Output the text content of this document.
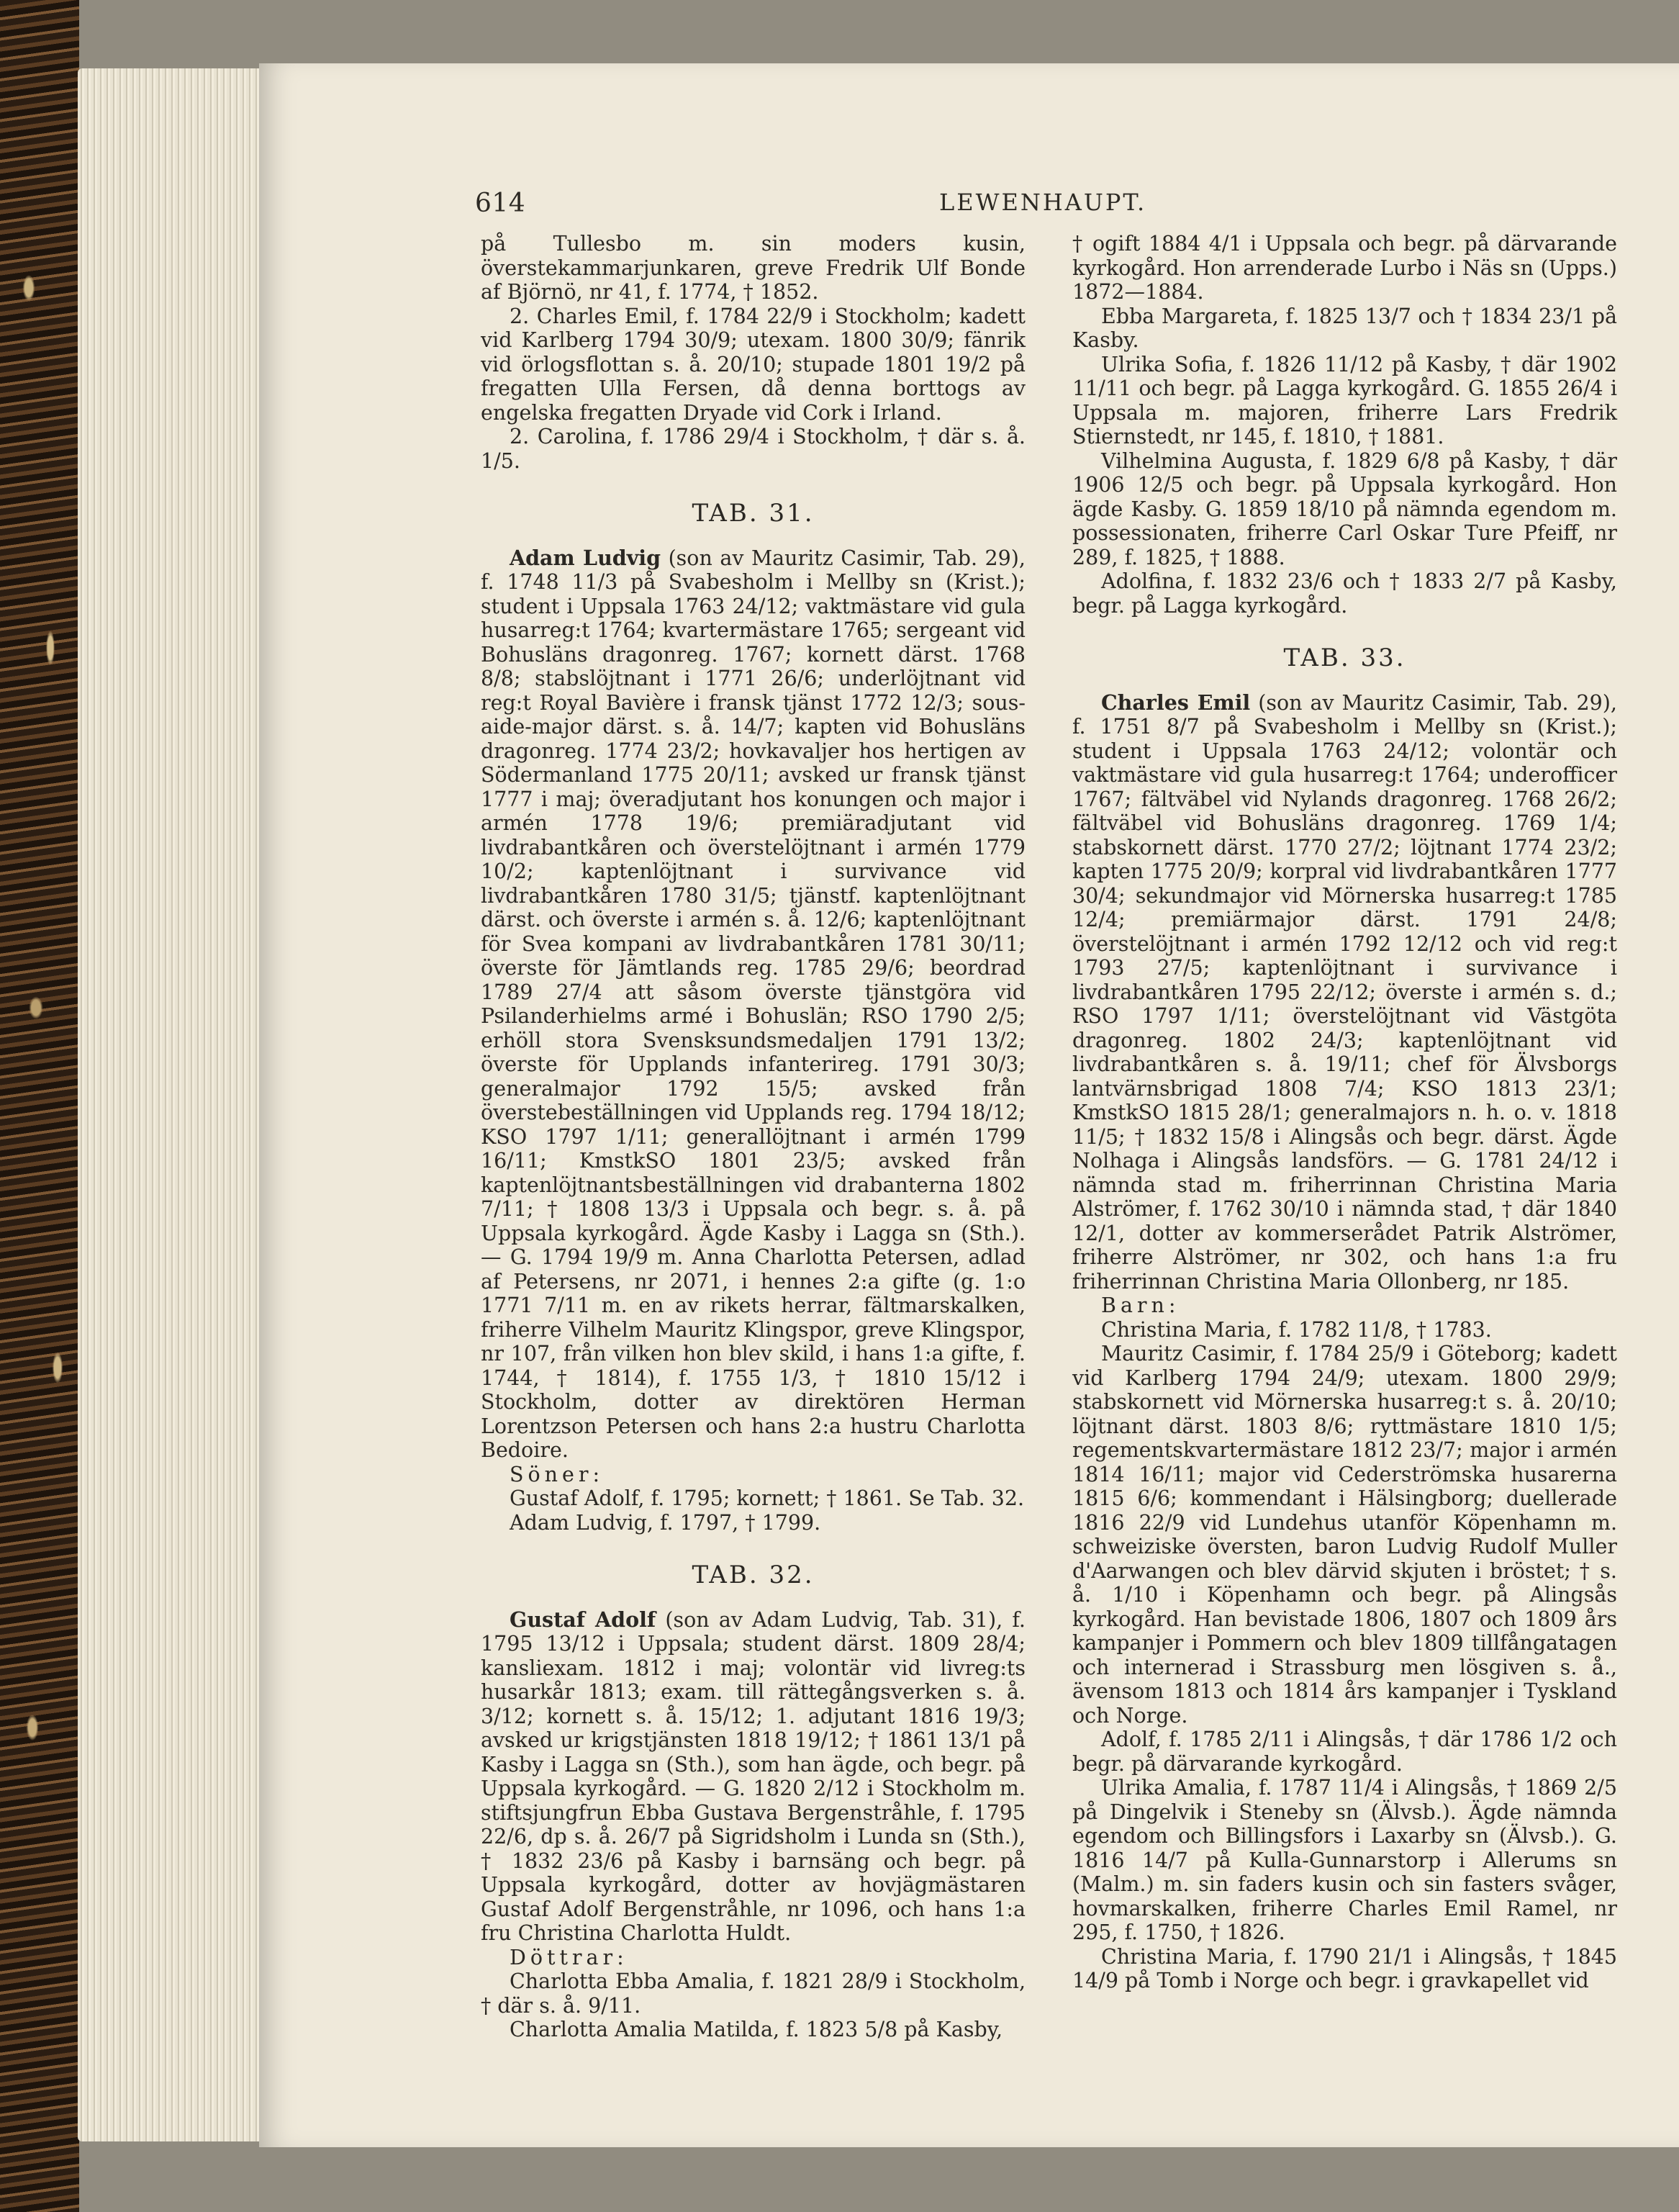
614	LEWENHAUPT.

på Tullesbo m. sin moders kusin, överstekammarjunkaren, greve Fredrik Ulf Bonde af Björnö, nr 41, f. 1774, † 1852.

2. Charles Emil, f. 1784 22/9 i Stockholm; kadett vid Karlberg 1794 30/9; utexam. 1800 30/9; fänrik vid örlogsflottan s. å. 20/10; stupade 1801 19/2 på fregatten Ulla Fersen, då denna borttogs av engelska fregatten Dryade vid Cork i Irland.

2. Carolina, f. 1786 29/4 i Stockholm, † där s. å. 1/5.

TAB. 31.

Adam Ludvig (son av Mauritz Casimir, Tab. 29), f. 1748 11/3 på Svabesholm i Mellby sn (Krist.); student i Uppsala 1763 24/12; vaktmästare vid gula husarreg:t 1764; kvartermästare 1765; sergeant vid Bohusläns dragonreg. 1767; kornett därst. 1768 8/8; stabslöjtnant i 1771 26/6; underlöjtnant vid reg:t Royal Bavière i fransk tjänst 1772 12/3; sous-aide-major därst. s. å. 14/7; kapten vid Bohusläns dragonreg. 1774 23/2; hovkavaljer hos hertigen av Södermanland 1775 20/11; avsked ur fransk tjänst 1777 i maj; överadjutant hos konungen och major i armén 1778 19/6; premiäradjutant vid livdrabantkåren och överstelöjtnant i armén 1779 10/2; kaptenlöjtnant i survivance vid livdrabantkåren 1780 31/5; tjänstf. kaptenlöjtnant därst. och överste i armén s. å. 12/6; kaptenlöjtnant för Svea kompani av livdrabantkåren 1781 30/11; överste för Jämtlands reg. 1785 29/6; beordrad 1789 27/4 att såsom överste tjänstgöra vid Psilanderhielms armé i Bohuslän; RSO 1790 2/5; erhöll stora Svensksundsmedaljen 1791 13/2; överste för Upplands infanterireg. 1791 30/3; generalmajor 1792 15/5; avsked från överstebeställningen vid Upplands reg. 1794 18/12; KSO 1797 1/11; generallöjtnant i armén 1799 16/11; KmstkSO 1801 23/5; avsked från kaptenlöjtnantsbeställningen vid drabanterna 1802 7/11; † 1808 13/3 i Uppsala och begr. s. å. på Uppsala kyrkogård. Ägde Kasby i Lagga sn (Sth.). — G. 1794 19/9 m. Anna Charlotta Petersen, adlad af Petersens, nr 2071, i hennes 2:a gifte (g. 1:o 1771 7/11 m. en av rikets herrar, fältmarskalken, friherre Vilhelm Mauritz Klingspor, greve Klingspor, nr 107, från vilken hon blev skild, i hans 1:a gifte, f. 1744, † 1814), f. 1755 1/3, † 1810 15/12 i Stockholm, dotter av direktören Herman Lorentzson Petersen och hans 2:a hustru Charlotta Bedoire.

Söner:

Gustaf Adolf, f. 1795; kornett; † 1861. Se Tab. 32.

Adam Ludvig, f. 1797, † 1799.

TAB. 32.

Gustaf Adolf (son av Adam Ludvig, Tab. 31), f. 1795 13/12 i Uppsala; student därst. 1809 28/4; kansliexam. 1812 i maj; volontär vid livreg:ts husarkår 1813; exam. till rättegångsverken s. å. 3/12; kornett s. å. 15/12; 1. adjutant 1816 19/3; avsked ur krigstjänsten 1818 19/12; † 1861 13/1 på Kasby i Lagga sn (Sth.), som han ägde, och begr. på Uppsala kyrkogård. — G. 1820 2/12 i Stockholm m. stiftsjungfrun Ebba Gustava Bergenstråhle, f. 1795 22/6, dp s. å. 26/7 på Sigridsholm i Lunda sn (Sth.), † 1832 23/6 på Kasby i barnsäng och begr. på Uppsala kyrkogård, dotter av hovjägmästaren Gustaf Adolf Bergenstråhle, nr 1096, och hans 1:a fru Christina Charlotta Huldt.

Döttrar:

Charlotta Ebba Amalia, f. 1821 28/9 i Stockholm, † där s. å. 9/11.

Charlotta Amalia Matilda, f. 1823 5/8 på Kasby,

† ogift 1884 4/1 i Uppsala och begr. på därvarande kyrkogård. Hon arrenderade Lurbo i Näs sn (Upps.) 1872—1884.

Ebba Margareta, f. 1825 13/7 och † 1834 23/1 på Kasby.

Ulrika Sofia, f. 1826 11/12 på Kasby, † där 1902 11/11 och begr. på Lagga kyrkogård. G. 1855 26/4 i Uppsala m. majoren, friherre Lars Fredrik Stiernstedt, nr 145, f. 1810, † 1881.

Vilhelmina Augusta, f. 1829 6/8 på Kasby, † där 1906 12/5 och begr. på Uppsala kyrkogård. Hon ägde Kasby. G. 1859 18/10 på nämnda egendom m. possessionaten, friherre Carl Oskar Ture Pfeiff, nr 289, f. 1825, † 1888.

Adolfina, f. 1832 23/6 och † 1833 2/7 på Kasby, begr. på Lagga kyrkogård.

TAB. 33.

Charles Emil (son av Mauritz Casimir, Tab. 29), f. 1751 8/7 på Svabesholm i Mellby sn (Krist.); student i Uppsala 1763 24/12; volontär och vaktmästare vid gula husarreg:t 1764; underofficer 1767; fältväbel vid Nylands dragonreg. 1768 26/2; fältväbel vid Bohusläns dragonreg. 1769 1/4; stabskornett därst. 1770 27/2; löjtnant 1774 23/2; kapten 1775 20/9; korpral vid livdrabantkåren 1777 30/4; sekundmajor vid Mörnerska husarreg:t 1785 12/4; premiärmajor därst. 1791 24/8; överstelöjtnant i armén 1792 12/12 och vid reg:t 1793 27/5; kaptenlöjtnant i survivance i livdrabantkåren 1795 22/12; överste i armén s. d.; RSO 1797 1/11; överstelöjtnant vid Västgöta dragonreg. 1802 24/3; kaptenlöjtnant vid livdrabantkåren s. å. 19/11; chef för Älvsborgs lantvärnsbrigad 1808 7/4; KSO 1813 23/1; KmstkSO 1815 28/1; generalmajors n. h. o. v. 1818 11/5; † 1832 15/8 i Alingsås och begr. därst. Ägde Nolhaga i Alingsås landsförs. — G. 1781 24/12 i nämnda stad m. friherrinnan Christina Maria Alströmer, f. 1762 30/10 i nämnda stad, † där 1840 12/1, dotter av kommerserådet Patrik Alströmer, friherre Alströmer, nr 302, och hans 1:a fru friherrinnan Christina Maria Ollonberg, nr 185.

Barn:

Christina Maria, f. 1782 11/8, † 1783.

Mauritz Casimir, f. 1784 25/9 i Göteborg; kadett vid Karlberg 1794 24/9; utexam. 1800 29/9; stabskornett vid Mörnerska husarreg:t s. å. 20/10; löjtnant därst. 1803 8/6; ryttmästare 1810 1/5; regementskvartermästare 1812 23/7; major i armén 1814 16/11; major vid Cederströmska husarerna 1815 6/6; kommendant i Hälsingborg; duellerade 1816 22/9 vid Lundehus utanför Köpenhamn m. schweiziske översten, baron Ludvig Rudolf Muller d'Aarwangen och blev därvid skjuten i bröstet; † s. å. 1/10 i Köpenhamn och begr. på Alingsås kyrkogård. Han bevistade 1806, 1807 och 1809 års kampanjer i Pommern och blev 1809 tillfångatagen och internerad i Strassburg men lösgiven s. å., ävensom 1813 och 1814 års kampanjer i Tyskland och Norge.

Adolf, f. 1785 2/11 i Alingsås, † där 1786 1/2 och begr. på därvarande kyrkogård.

Ulrika Amalia, f. 1787 11/4 i Alingsås, † 1869 2/5 på Dingelvik i Steneby sn (Älvsb.). Ägde nämnda egendom och Billingsfors i Laxarby sn (Älvsb.). G. 1816 14/7 på Kulla-Gunnarstorp i Allerums sn (Malm.) m. sin faders kusin och sin fasters svåger, hovmarskalken, friherre Charles Emil Ramel, nr 295, f. 1750, † 1826.

Christina Maria, f. 1790 21/1 i Alingsås, † 1845 14/9 på Tomb i Norge och begr. i gravkapellet vid
